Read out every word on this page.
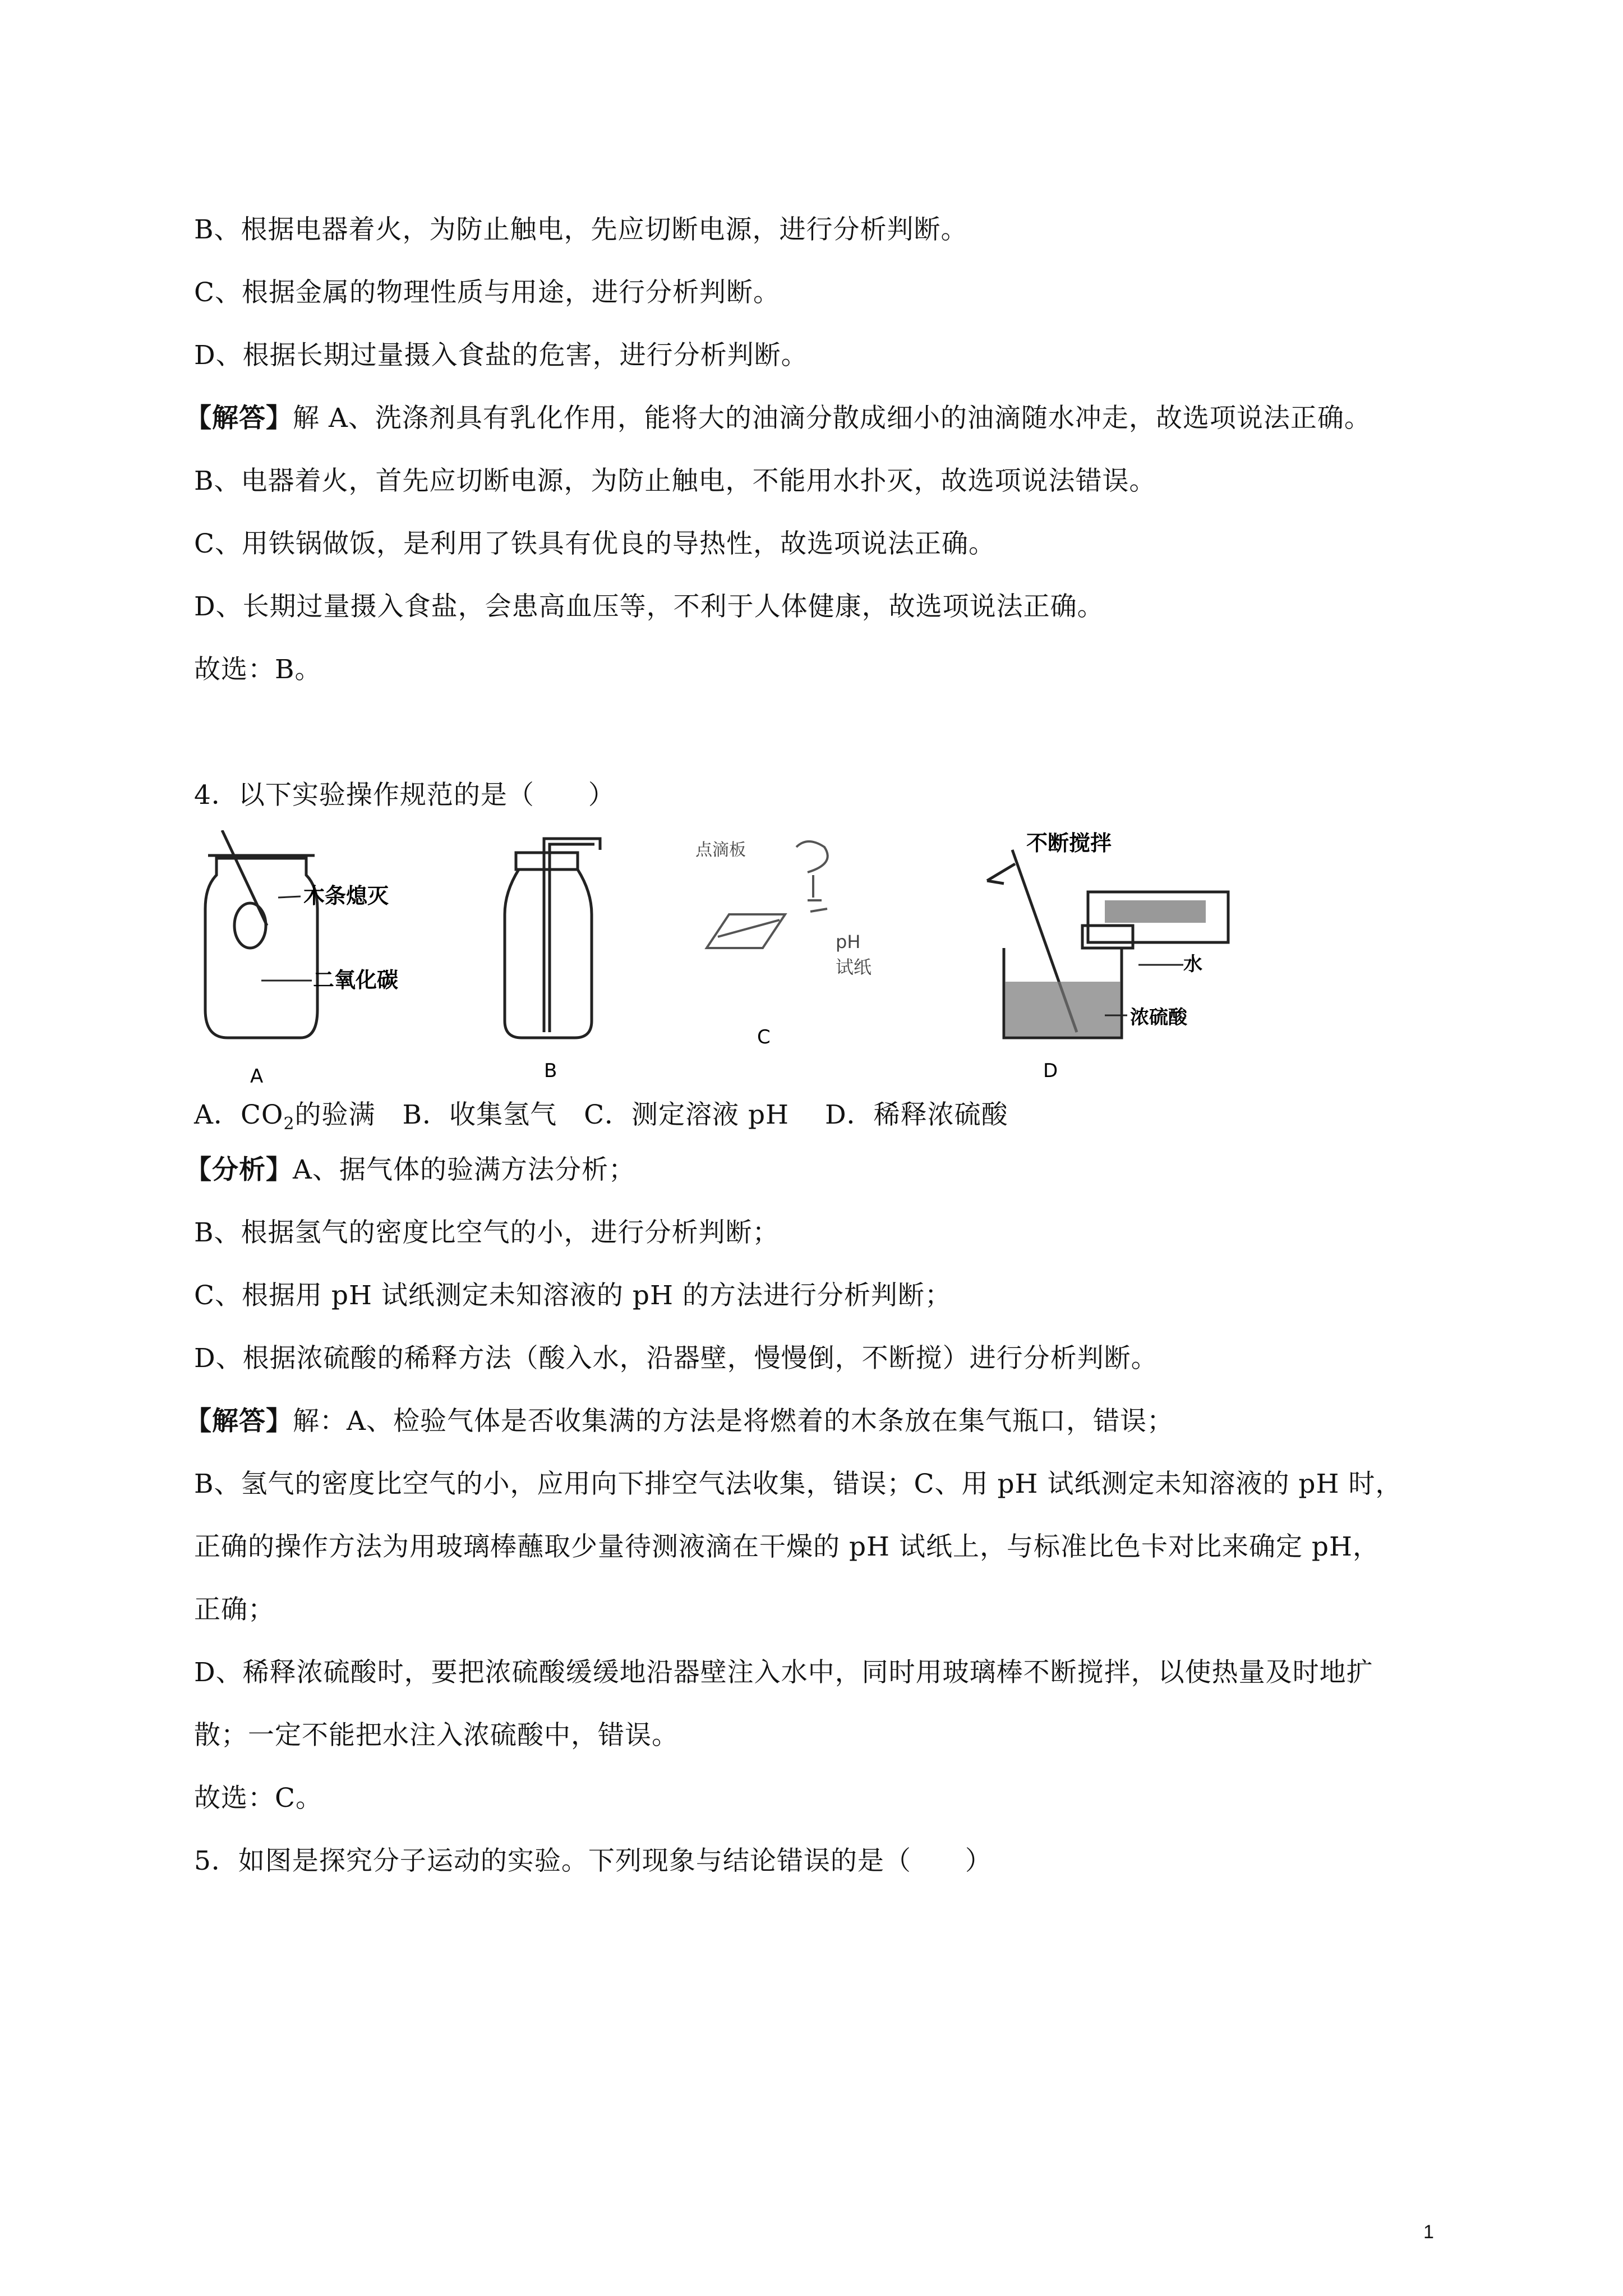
B、根据电器着火，为防止触电，先应切断电源，进行分析判断。
C、根据金属的物理性质与用途，进行分析判断。
D、根据长期过量摄入食盐的危害，进行分析判断。
【解答】解 A、洗涤剂具有乳化作用，能将大的油滴分散成细小的油滴随水冲走，故选项说法正确。
B、电器着火，首先应切断电源，为防止触电，不能用水扑灭，故选项说法错误。
C、用铁锅做饭，是利用了铁具有优良的导热性，故选项说法正确。
D、长期过量摄入食盐，会患高血压等，不利于人体健康，故选项说法正确。
故选：B。
4．以下实验操作规范的是（　　）
木条熄灭
二氧化碳
A	B
点滴板
pH
试纸
C
不断搅拌
水
浓硫酸
D
A．$CO_2$的验满　B．收集氢气　C．测定溶液 pH　 D．稀释浓硫酸
【分析】A、据气体的验满方法分析；
B、根据氢气的密度比空气的小，进行分析判断；
C、根据用 pH 试纸测定未知溶液的 pH 的方法进行分析判断；
D、根据浓硫酸的稀释方法（酸入水，沿器壁，慢慢倒，不断搅）进行分析判断。
【解答】解：A、检验气体是否收集满的方法是将燃着的木条放在集气瓶口，错误；
B、氢气的密度比空气的小，应用向下排空气法收集，错误；C、用 pH 试纸测定未知溶液的 pH 时，
正确的操作方法为用玻璃棒蘸取少量待测液滴在干燥的 pH 试纸上，与标准比色卡对比来确定 pH，
正确；
D、稀释浓硫酸时，要把浓硫酸缓缓地沿器壁注入水中，同时用玻璃棒不断搅拌，以使热量及时地扩
散；一定不能把水注入浓硫酸中，错误。
故选：C。
5．如图是探究分子运动的实验。下列现象与结论错误的是（　　）
1
